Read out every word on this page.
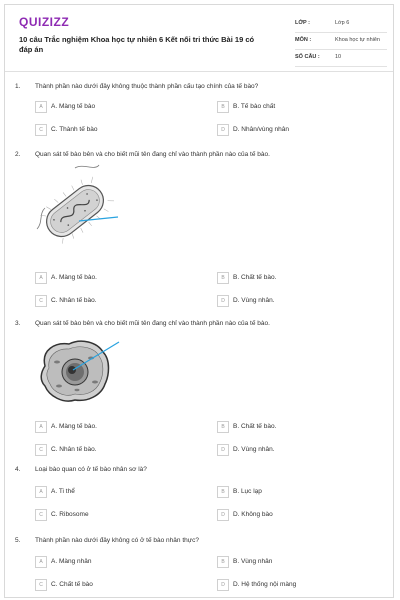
QUIZIZZ
10 câu Trắc nghiệm Khoa học tự nhiên 6 Kết nối tri thức Bài 19 có đáp án
LỚP :	Lớp 6
MÔN :	Khoa học tự nhiên
SỐ CÂU :	10
1. Thành phần nào dưới đây không thuộc thành phần cấu tạo chính của tế bào?
A	A. Màng tế bào	B	B. Tế bào chất
C	C. Thành tế bào	D	D. Nhân/vùng nhân
2. Quan sát tế bào bên và cho biết mũi tên đang chỉ vào thành phần nào của tế bào.
A	A. Màng tế bào.	B	B. Chất tế bào.
C	C. Nhân tế bào.	D	D. Vùng nhân.
3. Quan sát tế bào bên và cho biết mũi tên đang chỉ vào thành phần nào của tế bào.
A	A. Màng tế bào.	B	B. Chất tế bào.
C	C. Nhân tế bào.	D	D. Vùng nhân.
4. Loại bào quan có ở tế bào nhân sơ là?
A	A. Ti thể	B	B. Lục lạp
C	C. Ribosome	D	D. Không bào
5. Thành phần nào dưới đây không có ở tế bào nhân thực?
A	A. Màng nhân	B	B. Vùng nhân
C	C. Chất tế bào	D	D. Hệ thống nội màng
